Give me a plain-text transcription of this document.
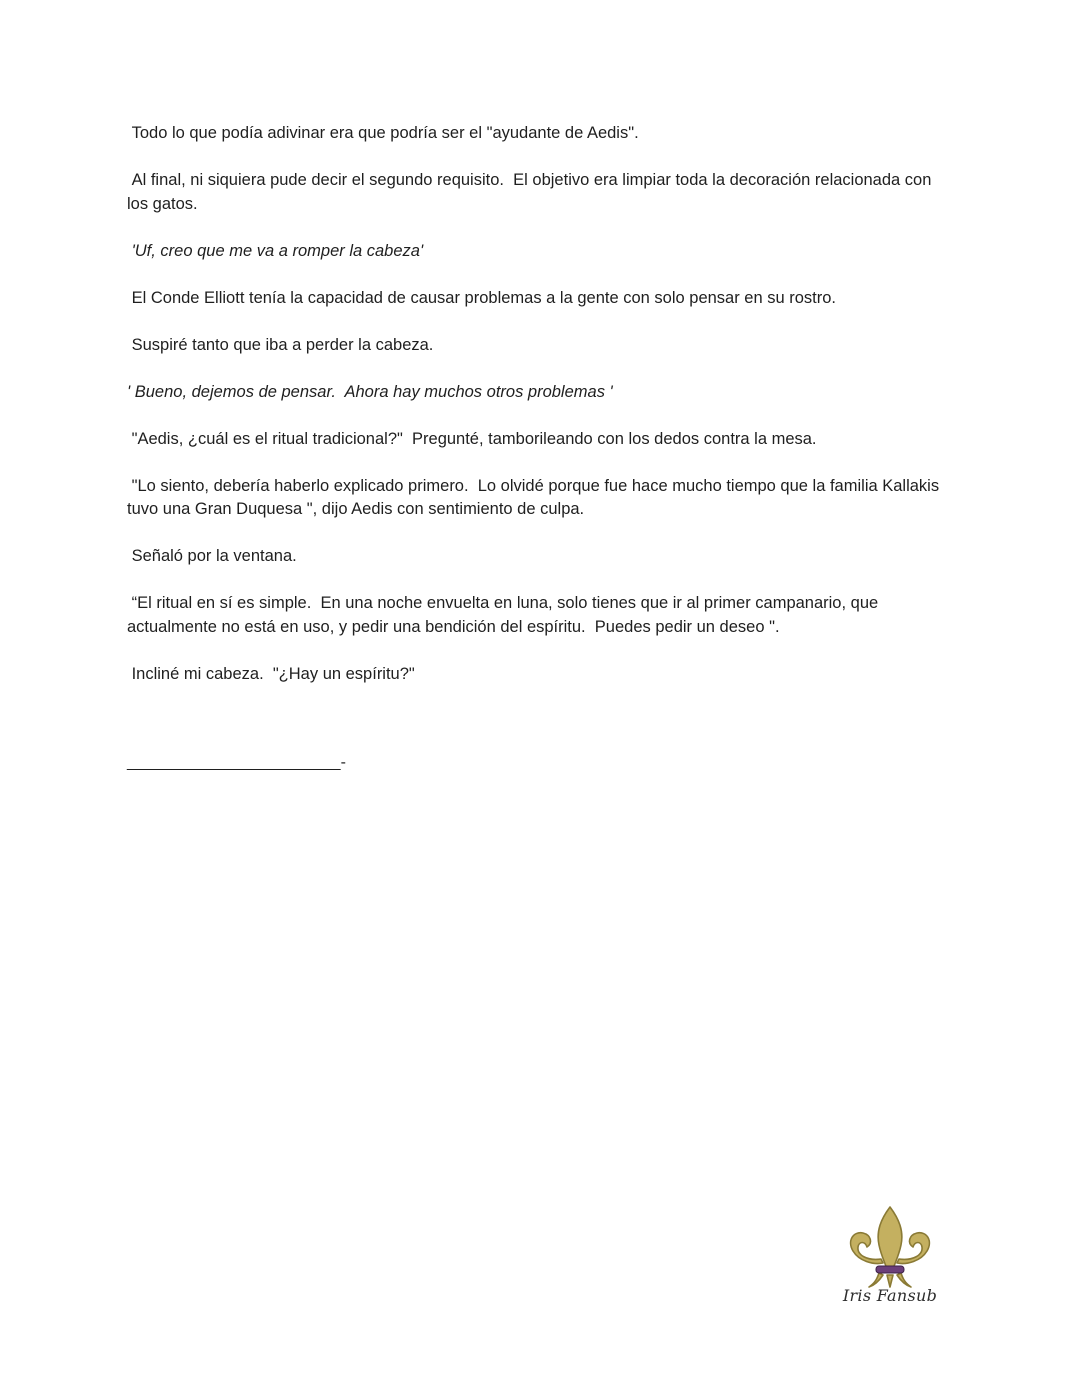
Todo lo que podía adivinar era que podría ser el "ayudante de Aedis".

Al final, ni siquiera pude decir el segundo requisito.  El objetivo era limpiar toda la decoración relacionada con los gatos.

'Uf, creo que me va a romper la cabeza'

El Conde Elliott tenía la capacidad de causar problemas a la gente con solo pensar en su rostro.

Suspiré tanto que iba a perder la cabeza.

' Bueno, dejemos de pensar.  Ahora hay muchos otros problemas '

"Aedis, ¿cuál es el ritual tradicional?"  Pregunté, tamborileando con los dedos contra la mesa.

"Lo siento, debería haberlo explicado primero.  Lo olvidé porque fue hace mucho tiempo que la familia Kallakis tuvo una Gran Duquesa ", dijo Aedis con sentimiento de culpa.

Señaló por la ventana.

“El ritual en sí es simple.  En una noche envuelta en luna, solo tienes que ir al primer campanario, que actualmente no está en uso, y pedir una bendición del espíritu.  Puedes pedir un deseo ".

Incliné mi cabeza.  "¿Hay un espíritu?"

________________________-
Iris Fansub
